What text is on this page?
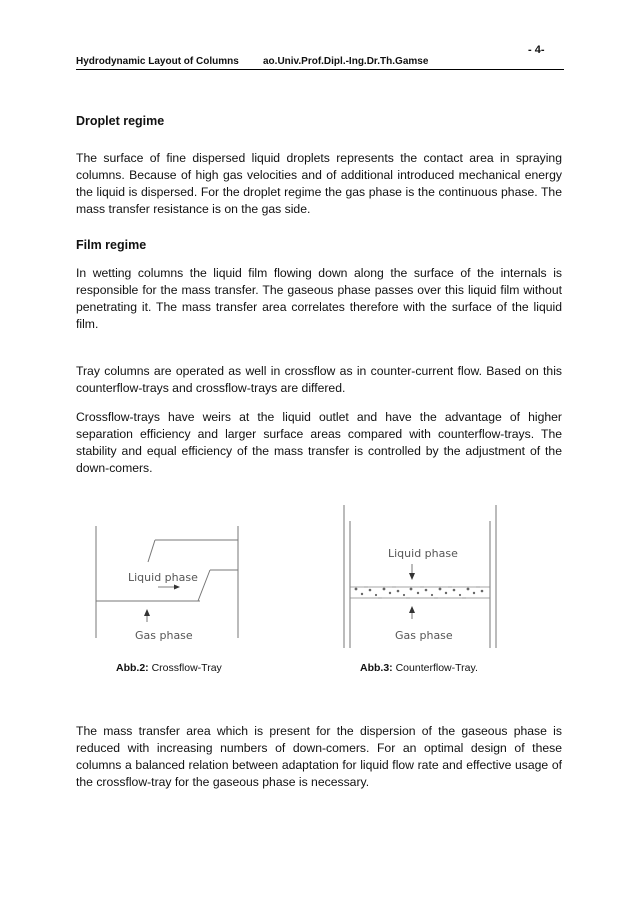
- 4-
Hydrodynamic Layout of Columns ao.Univ.Prof.Dipl.-Ing.Dr.Th.Gamse
Droplet regime

The surface of fine dispersed liquid droplets represents the contact area in spraying columns. Because of high gas velocities and of additional introduced mechanical energy the liquid is dispersed. For the droplet regime the gas phase is the continuous phase. The mass transfer resistance is on the gas side.

Film regime

In wetting columns the liquid film flowing down along the surface of the internals is responsible for the mass transfer. The gaseous phase passes over this liquid film without penetrating it. The mass transfer area correlates therefore with the surface of the liquid film.

Tray columns are operated as well in crossflow as in counter-current flow. Based on this counterflow-trays and crossflow-trays are differed.

Crossflow-trays have weirs at the liquid outlet and have the advantage of higher separation efficiency and larger surface areas compared with counterflow-trays. The stability and equal efficiency of the mass transfer is controlled by the adjustment of the down-comers.

Liquid phase
Gas phase
Liquid phase
Gas phase
Abb.2: Crossflow-Tray	Abb.3: Counterflow-Tray.

The mass transfer area which is present for the dispersion of the gaseous phase is reduced with increasing numbers of down-comers. For an optimal design of these columns a balanced relation between adaptation for liquid flow rate and effective usage of the crossflow-tray for the gaseous phase is necessary.
